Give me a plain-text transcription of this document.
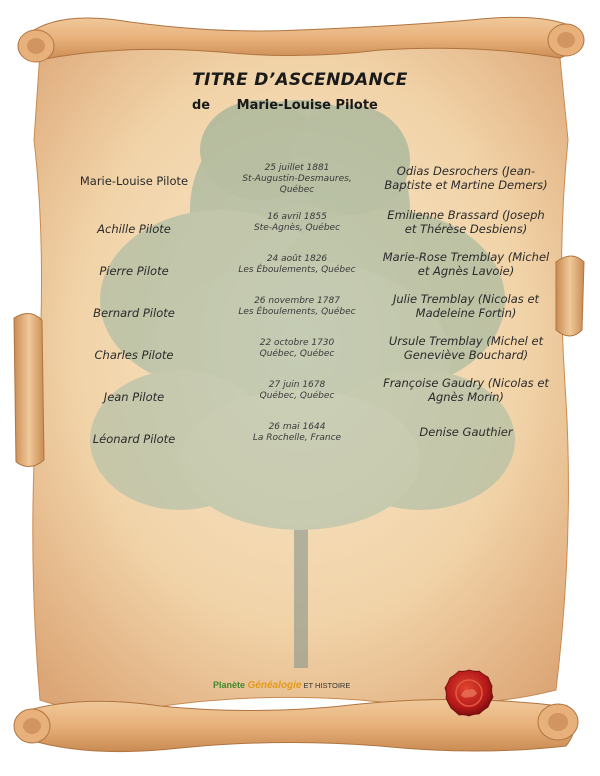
TITRE D’ASCENDANCE
de Marie-Louise Pilote
Marie-Louise Pilote
25 juillet 1881
St-Augustin-Desmaures,
Québec
Odias Desrochers (Jean-
Baptiste et Martine Demers)
Achille Pilote
16 avril 1855
Ste-Agnès, Québec
Emilienne Brassard (Joseph
et Thérèse Desbiens)
Pierre Pilote
24 août 1826
Les Éboulements, Québec
Marie-Rose Tremblay (Michel
et Agnès Lavoie)
Bernard Pilote
26 novembre 1787
Les Éboulements, Québec
Julie Tremblay (Nicolas et
Madeleine Fortin)
Charles Pilote
22 octobre 1730
Québec, Québec
Ursule Tremblay (Michel et
Geneviève Bouchard)
Jean Pilote
27 juin 1678
Québec, Québec
Françoise Gaudry (Nicolas et
Agnès Morin)
Léonard Pilote
26 mai 1644
La Rochelle, France	Denise Gauthier
Planète Généalogie ET HISTOIRE
